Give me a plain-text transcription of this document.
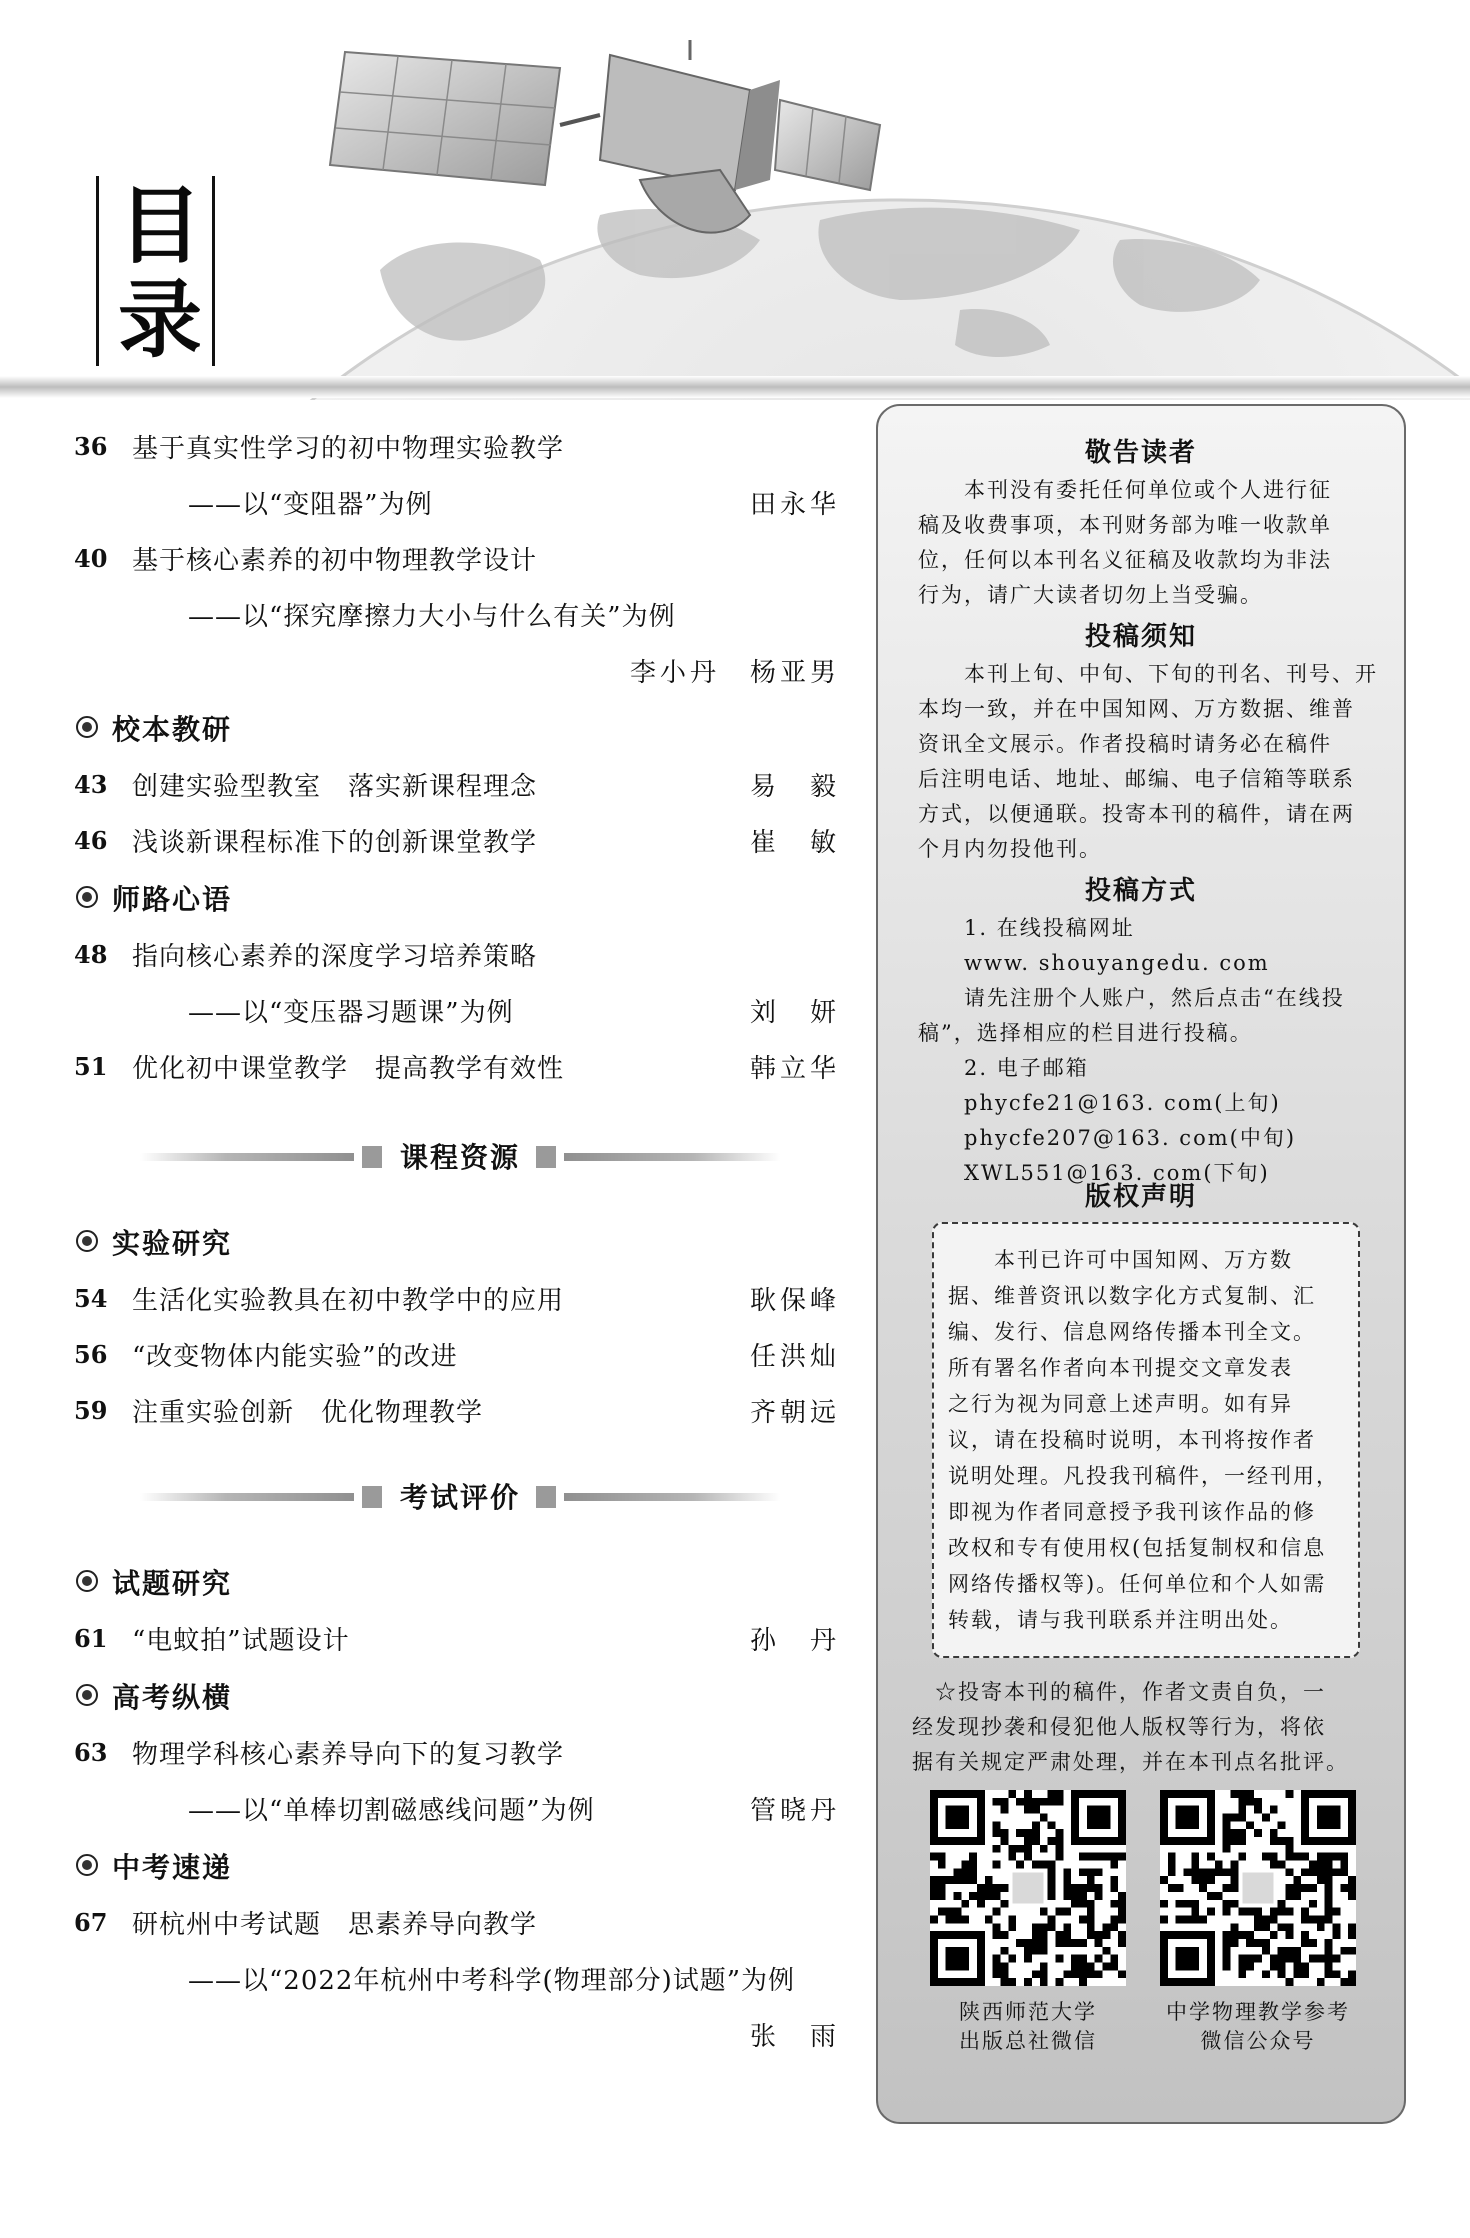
目
录
36 基于真实性学习的初中物理实验教学
——以“变阻器”为例	田永华
40 基于核心素养的初中物理教学设计
——以“探究摩擦力大小与什么有关”为例
李小丹　杨亚男
校本教研
43 创建实验型教室　落实新课程理念	易　毅
46 浅谈新课程标准下的创新课堂教学	崔　敏
师路心语
48 指向核心素养的深度学习培养策略
——以“变压器习题课”为例	刘　妍
51 优化初中课堂教学　提高教学有效性	韩立华
课程资源
实验研究
54 生活化实验教具在初中教学中的应用	耿保峰
56 “改变物体内能实验”的改进	任洪灿
59 注重实验创新　优化物理教学	齐朝远
考试评价
试题研究
61 “电蚊拍”试题设计	孙　丹
高考纵横
63 物理学科核心素养导向下的复习教学
——以“单棒切割磁感线问题”为例	管晓丹
中考速递
67 研杭州中考试题　思素养导向教学
——以“2022年杭州中考科学(物理部分)试题”为例
张　雨
敬告读者
　　本刊没有委托任何单位或个人进行征
稿及收费事项，本刊财务部为唯一收款单
位，任何以本刊名义征稿及收款均为非法
行为，请广大读者切勿上当受骗。
投稿须知
　　本刊上旬、中旬、下旬的刊名、刊号、开
本均一致，并在中国知网、万方数据、维普
资讯全文展示。作者投稿时请务必在稿件
后注明电话、地址、邮编、电子信箱等联系
方式，以便通联。投寄本刊的稿件，请在两
个月内勿投他刊。
投稿方式
　　1. 在线投稿网址
　　www. shouyangedu. com
　　请先注册个人账户，然后点击“在线投
稿”，选择相应的栏目进行投稿。
　　2. 电子邮箱
　　phycfe21@163. com(上旬)
　　phycfe207@163. com(中旬)
　　XWL551@163. com(下旬)
版权声明
　　本刊已许可中国知网、万方数
据、维普资讯以数字化方式复制、汇
编、发行、信息网络传播本刊全文。
所有署名作者向本刊提交文章发表
之行为视为同意上述声明。如有异
议，请在投稿时说明，本刊将按作者
说明处理。凡投我刊稿件，一经刊用，
即视为作者同意授予我刊该作品的修
改权和专有使用权(包括复制权和信息
网络传播权等)。任何单位和个人如需
转载，请与我刊联系并注明出处。
　☆投寄本刊的稿件，作者文责自负，一
经发现抄袭和侵犯他人版权等行为，将依
据有关规定严肃处理，并在本刊点名批评。
陕西师范大学
出版总社微信
中学物理教学参考
微信公众号
